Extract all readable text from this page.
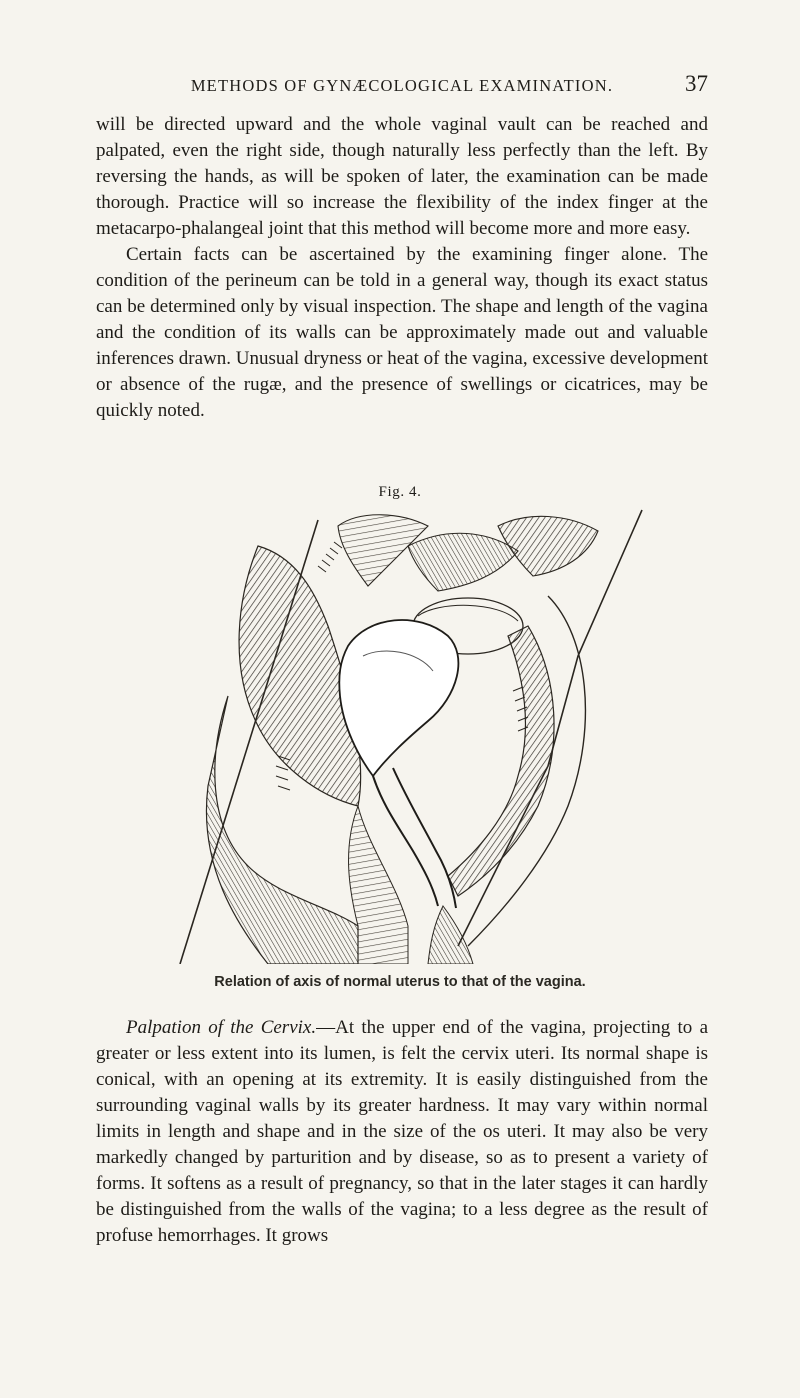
METHODS OF GYNÆCOLOGICAL EXAMINATION.	37

will be directed upward and the whole vaginal vault can be reached and palpated, even the right side, though naturally less perfectly than the left. By reversing the hands, as will be spoken of later, the examination can be made thorough. Practice will so increase the flexibility of the index finger at the metacarpo-phalangeal joint that this method will become more and more easy.

Certain facts can be ascertained by the examining finger alone. The condition of the perineum can be told in a general way, though its exact status can be determined only by visual inspection. The shape and length of the vagina and the condition of its walls can be approximately made out and valuable inferences drawn. Unusual dryness or heat of the vagina, excessive development or absence of the rugæ, and the presence of swellings or cicatrices, may be quickly noted.

Fig. 4.
Relation of axis of normal uterus to that of the vagina.

Palpation of the Cervix.—At the upper end of the vagina, projecting to a greater or less extent into its lumen, is felt the cervix uteri. Its normal shape is conical, with an opening at its extremity. It is easily distinguished from the surrounding vaginal walls by its greater hardness. It may vary within normal limits in length and shape and in the size of the os uteri. It may also be very markedly changed by parturition and by disease, so as to present a variety of forms. It softens as a result of pregnancy, so that in the later stages it can hardly be distinguished from the walls of the vagina; to a less degree as the result of profuse hemorrhages. It grows
